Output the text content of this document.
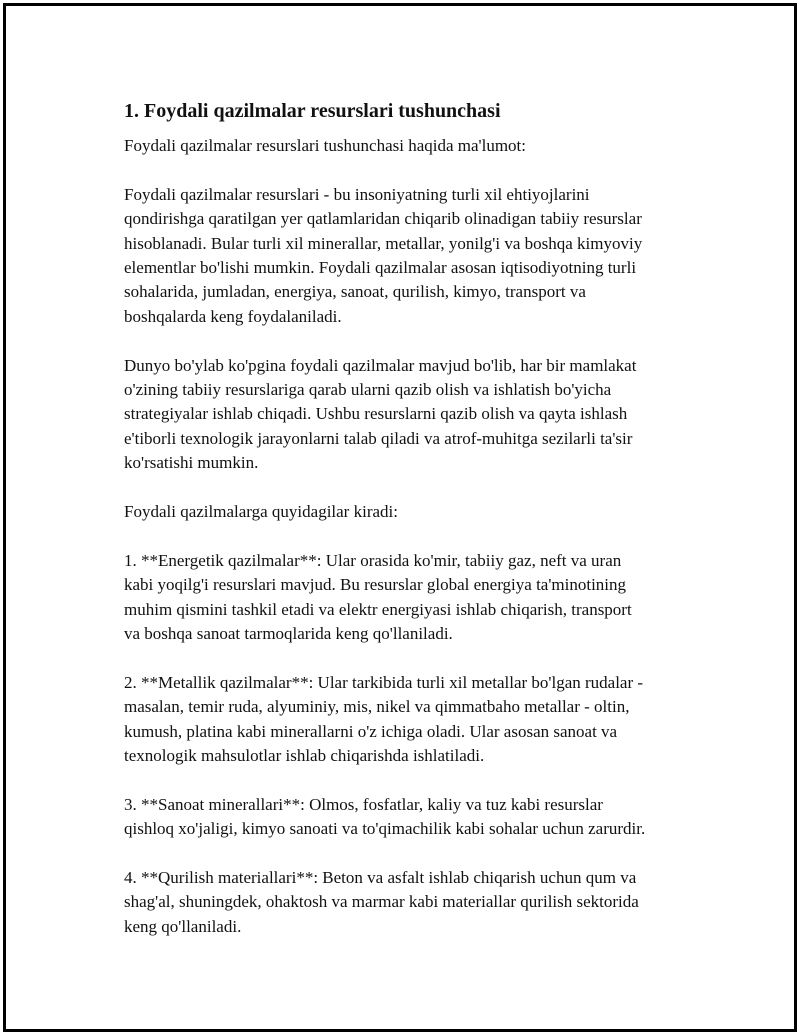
1. Foydali qazilmalar resurslari tushunchasi

Foydali qazilmalar resurslari tushunchasi haqida ma'lumot:

Foydali qazilmalar resurslari - bu insoniyatning turli xil ehtiyojlarini
qondirishga qaratilgan yer qatlamlaridan chiqarib olinadigan tabiiy resurslar
hisoblanadi. Bular turli xil minerallar, metallar, yonilg'i va boshqa kimyoviy
elementlar bo'lishi mumkin. Foydali qazilmalar asosan iqtisodiyotning turli
sohalarida, jumladan, energiya, sanoat, qurilish, kimyo, transport va
boshqalarda keng foydalaniladi.

Dunyo bo'ylab ko'pgina foydali qazilmalar mavjud bo'lib, har bir mamlakat
o'zining tabiiy resurslariga qarab ularni qazib olish va ishlatish bo'yicha
strategiyalar ishlab chiqadi. Ushbu resurslarni qazib olish va qayta ishlash
e'tiborli texnologik jarayonlarni talab qiladi va atrof-muhitga sezilarli ta'sir
ko'rsatishi mumkin.

Foydali qazilmalarga quyidagilar kiradi:

1. **Energetik qazilmalar**: Ular orasida ko'mir, tabiiy gaz, neft va uran
kabi yoqilg'i resurslari mavjud. Bu resurslar global energiya ta'minotining
muhim qismini tashkil etadi va elektr energiyasi ishlab chiqarish, transport
va boshqa sanoat tarmoqlarida keng qo'llaniladi.

2. **Metallik qazilmalar**: Ular tarkibida turli xil metallar bo'lgan rudalar -
masalan, temir ruda, alyuminiy, mis, nikel va qimmatbaho metallar - oltin,
kumush, platina kabi minerallarni o'z ichiga oladi. Ular asosan sanoat va
texnologik mahsulotlar ishlab chiqarishda ishlatiladi.

3. **Sanoat minerallari**: Olmos, fosfatlar, kaliy va tuz kabi resurslar
qishloq xo'jaligi, kimyo sanoati va to'qimachilik kabi sohalar uchun zarurdir.

4. **Qurilish materiallari**: Beton va asfalt ishlab chiqarish uchun qum va
shag'al, shuningdek, ohaktosh va marmar kabi materiallar qurilish sektorida
keng qo'llaniladi.
